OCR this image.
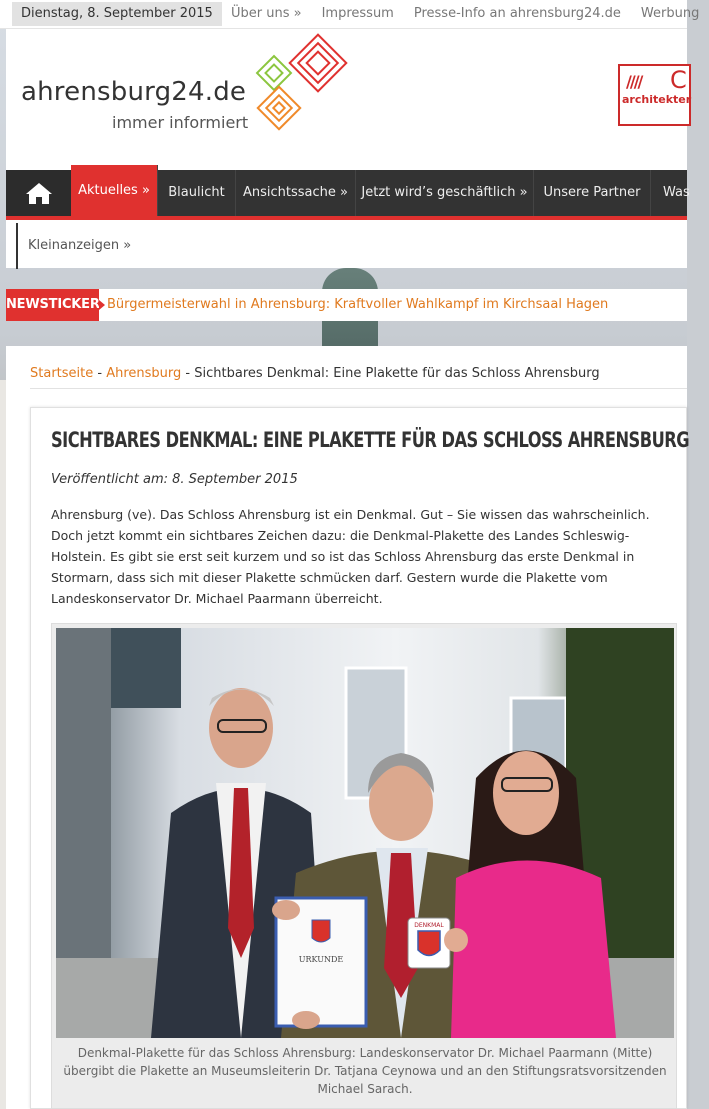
Dienstag, 8. September 2015	Über uns »	Impressum	Presse-Info an ahrensburg24.de	Werbung
ahrensburg24.de
immer informiert
//// C
architekter
Aktuelles »	Blaulicht	Ansichtssache »	Jetzt wird’s geschäftlich »	Unsere Partner	Was
Kleinanzeigen »
NEWSTICKER Bürgermeisterwahl in Ahrensburg: Kraftvoller Wahlkampf im Kirchsaal Hagen
Startseite - Ahrensburg - Sichtbares Denkmal: Eine Plakette für das Schloss Ahrensburg
SICHTBARES DENKMAL: EINE PLAKETTE FÜR DAS SCHLOSS AHRENSBURG
Veröffentlicht am: 8. September 2015
Ahrensburg (ve). Das Schloss Ahrensburg ist ein Denkmal. Gut – Sie wissen das wahrscheinlich. Doch jetzt kommt ein sichtbares Zeichen dazu: die Denkmal-Plakette des Landes Schleswig-Holstein. Es gibt sie erst seit kurzem und so ist das Schloss Ahrensburg das erste Denkmal in Stormarn, dass sich mit dieser Plakette schmücken darf. Gestern wurde die Plakette vom Landeskonservator Dr. Michael Paarmann überreicht.
URKUNDE
DENKMAL
Denkmal-Plakette für das Schloss Ahrensburg: Landeskonservator Dr. Michael Paarmann (Mitte) übergibt die Plakette an Museumsleiterin Dr. Tatjana Ceynowa und an den Stiftungsratsvorsitzenden Michael Sarach.
